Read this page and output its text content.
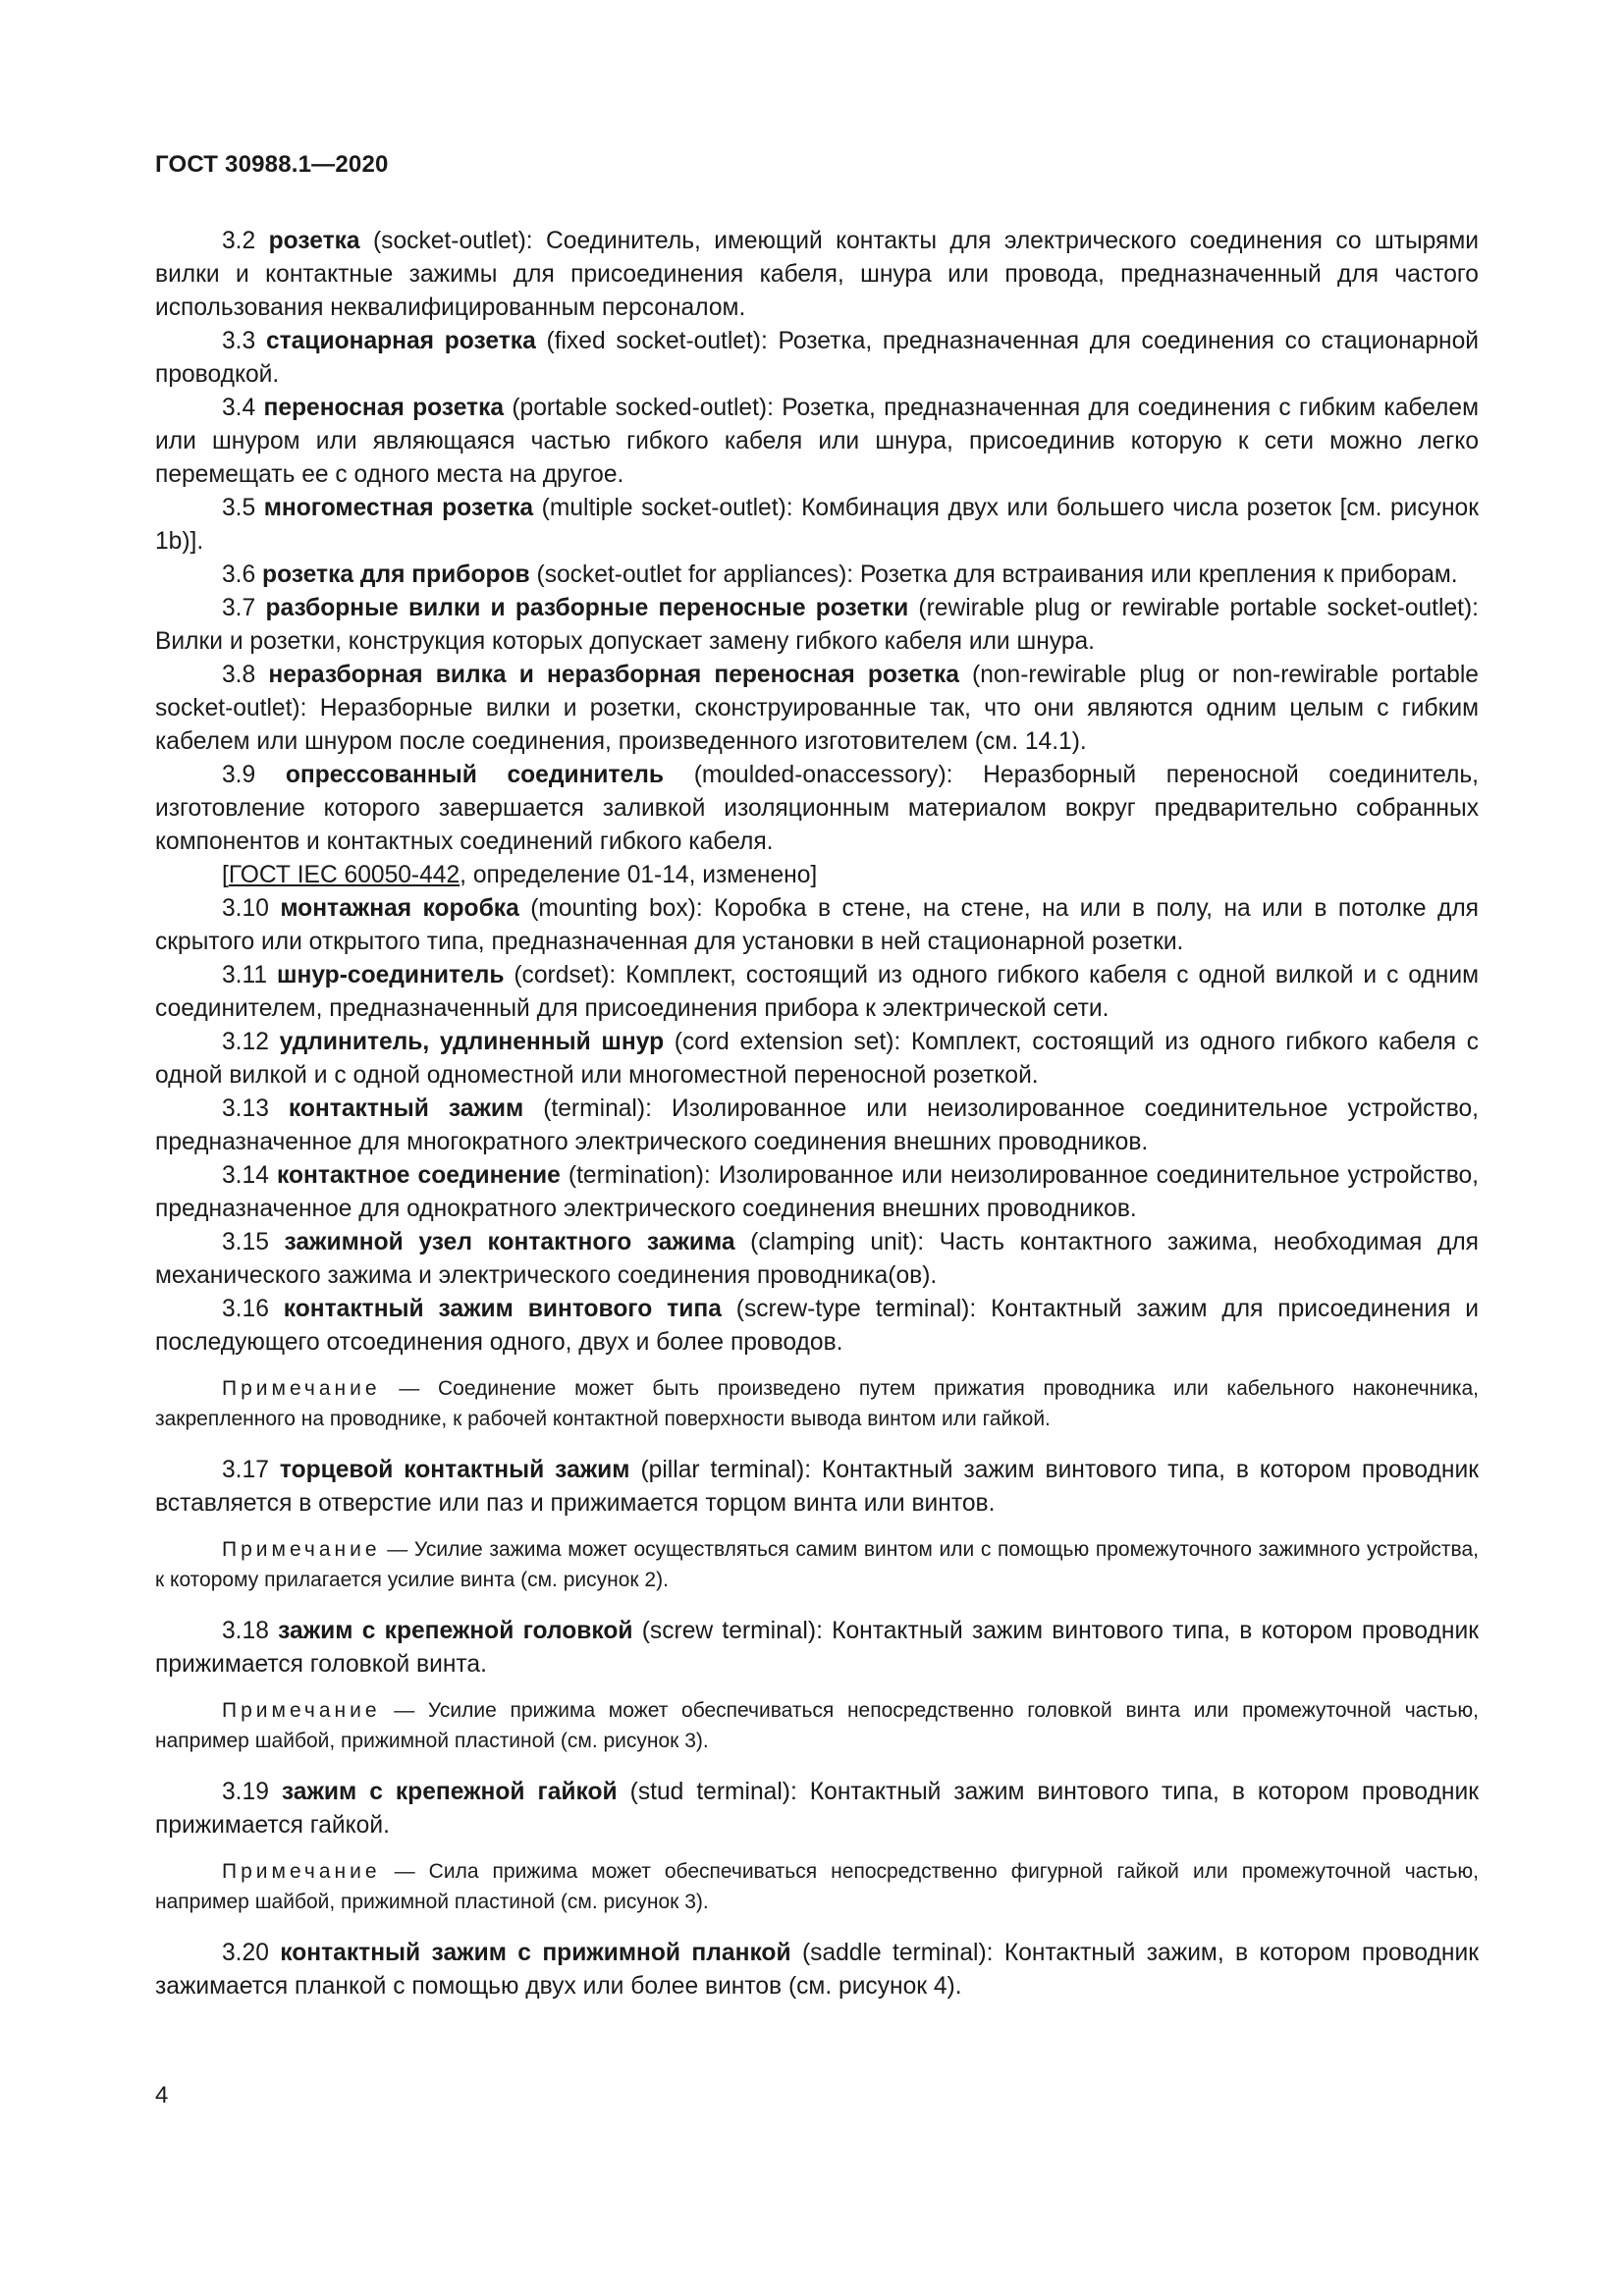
ГОСТ 30988.1—2020

3.2 розетка (socket-outlet): Соединитель, имеющий контакты для электрического соединения со штырями вилки и контактные зажимы для присоединения кабеля, шнура или провода, предназначенный для частого использования неквалифицированным персоналом.

3.3 стационарная розетка (fixed socket-outlet): Розетка, предназначенная для соединения со стационарной проводкой.

3.4 переносная розетка (portable socked-outlet): Розетка, предназначенная для соединения с гибким кабелем или шнуром или являющаяся частью гибкого кабеля или шнура, присоединив которую к сети можно легко перемещать ее с одного места на другое.

3.5 многоместная розетка (multiple socket-outlet): Комбинация двух или большего числа розеток [см. рисунок 1b)].

3.6 розетка для приборов (socket-outlet for appliances): Розетка для встраивания или крепления к приборам.

3.7 разборные вилки и разборные переносные розетки (rewirable plug or rewirable portable socket-outlet): Вилки и розетки, конструкция которых допускает замену гибкого кабеля или шнура.

3.8 неразборная вилка и неразборная переносная розетка (non-rewirable plug or non-rewirable portable socket-outlet): Неразборные вилки и розетки, сконструированные так, что они являются одним целым с гибким кабелем или шнуром после соединения, произведенного изготовителем (см. 14.1).

3.9 опрессованный соединитель (moulded-onaccessory): Неразборный переносной соединитель, изготовление которого завершается заливкой изоляционным материалом вокруг предварительно собранных компонентов и контактных соединений гибкого кабеля.

[ГОСТ IEC 60050-442, определение 01-14, изменено]

3.10 монтажная коробка (mounting box): Коробка в стене, на стене, на или в полу, на или в потолке для скрытого или открытого типа, предназначенная для установки в ней стационарной розетки.

3.11 шнур-соединитель (cordset): Комплект, состоящий из одного гибкого кабеля с одной вилкой и с одним соединителем, предназначенный для присоединения прибора к электрической сети.

3.12 удлинитель, удлиненный шнур (cord extension set): Комплект, состоящий из одного гибкого кабеля с одной вилкой и с одной одноместной или многоместной переносной розеткой.

3.13 контактный зажим (terminal): Изолированное или неизолированное соединительное устройство, предназначенное для многократного электрического соединения внешних проводников.

3.14 контактное соединение (termination): Изолированное или неизолированное соединительное устройство, предназначенное для однократного электрического соединения внешних проводников.

3.15 зажимной узел контактного зажима (clamping unit): Часть контактного зажима, необходимая для механического зажима и электрического соединения проводника(ов).

3.16 контактный зажим винтового типа (screw-type terminal): Контактный зажим для присоединения и последующего отсоединения одного, двух и более проводов.

Примечание — Соединение может быть произведено путем прижатия проводника или кабельного наконечника, закрепленного на проводнике, к рабочей контактной поверхности вывода винтом или гайкой.

3.17 торцевой контактный зажим (pillar terminal): Контактный зажим винтового типа, в котором проводник вставляется в отверстие или паз и прижимается торцом винта или винтов.

Примечание — Усилие зажима может осуществляться самим винтом или с помощью промежуточного зажимного устройства, к которому прилагается усилие винта (см. рисунок 2).

3.18 зажим с крепежной головкой (screw terminal): Контактный зажим винтового типа, в котором проводник прижимается головкой винта.

Примечание — Усилие прижима может обеспечиваться непосредственно головкой винта или промежуточной частью, например шайбой, прижимной пластиной (см. рисунок 3).

3.19 зажим с крепежной гайкой (stud terminal): Контактный зажим винтового типа, в котором проводник прижимается гайкой.

Примечание — Сила прижима может обеспечиваться непосредственно фигурной гайкой или промежуточной частью, например шайбой, прижимной пластиной (см. рисунок 3).

3.20 контактный зажим с прижимной планкой (saddle terminal): Контактный зажим, в котором проводник зажимается планкой с помощью двух или более винтов (см. рисунок 4).

4
